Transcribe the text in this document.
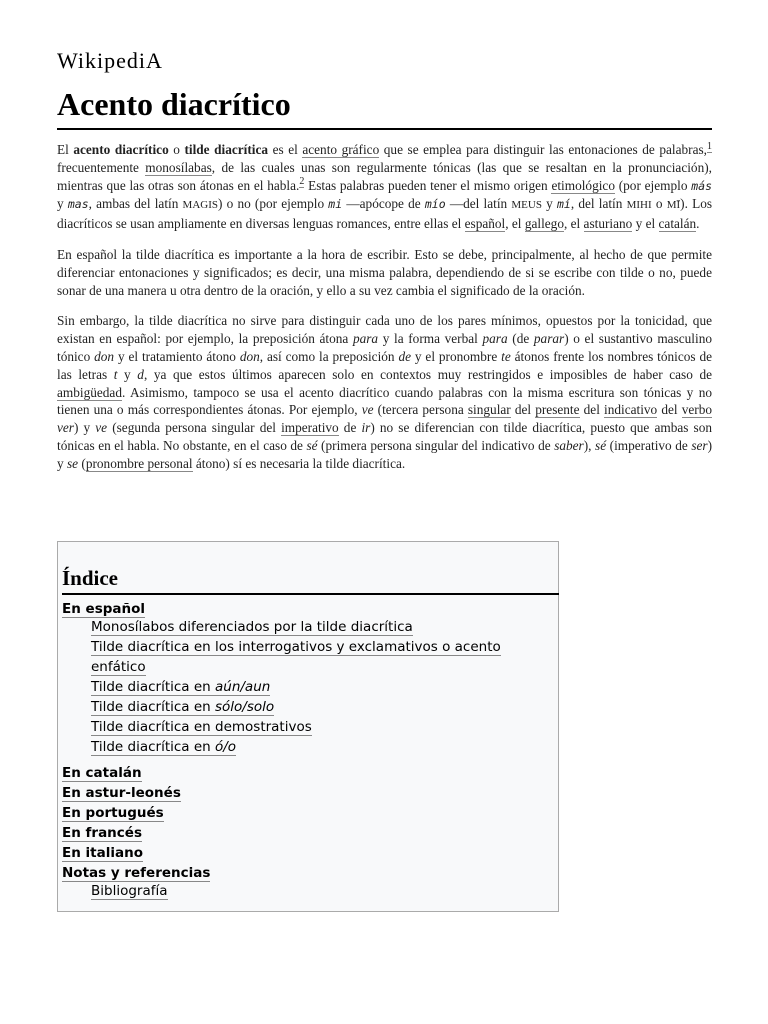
WikipediA
Acento diacrítico

El acento diacrítico o tilde diacrítica es el acento gráfico que se emplea para distinguir las entonaciones de palabras,$^1$ frecuentemente monosílabas, de las cuales unas son regularmente tónicas (las que se resaltan en la pronunciación), mientras que las otras son átonas en el habla.$^2$ Estas palabras pueden tener el mismo origen etimológico (por ejemplo más y mas, ambas del latín MAGIS) o no (por ejemplo mi —apócope de mío —del latín MEUS y mí, del latín MIHI o MĪ). Los diacríticos se usan ampliamente en diversas lenguas romances, entre ellas el español, el gallego, el asturiano y el catalán.

En español la tilde diacrítica es importante a la hora de escribir. Esto se debe, principalmente, al hecho de que permite diferenciar entonaciones y significados; es decir, una misma palabra, dependiendo de si se escribe con tilde o no, puede sonar de una manera u otra dentro de la oración, y ello a su vez cambia el significado de la oración.

Sin embargo, la tilde diacrítica no sirve para distinguir cada uno de los pares mínimos, opuestos por la tonicidad, que existan en español: por ejemplo, la preposición átona para y la forma verbal para (de parar) o el sustantivo masculino tónico don y el tratamiento átono don, así como la preposición de y el pronombre te átonos frente los nombres tónicos de las letras t y d, ya que estos últimos aparecen solo en contextos muy restringidos e imposibles de haber caso de ambigüedad. Asimismo, tampoco se usa el acento diacrítico cuando palabras con la misma escritura son tónicas y no tienen una o más correspondientes átonas. Por ejemplo, ve (tercera persona singular del presente del indicativo del verbo ver) y ve (segunda persona singular del imperativo de ir) no se diferencian con tilde diacrítica, puesto que ambas son tónicas en el habla. No obstante, en el caso de sé (primera persona singular del indicativo de saber), sé (imperativo de ser) y se (pronombre personal átono) sí es necesaria la tilde diacrítica.

Índice
En español
Monosílabos diferenciados por la tilde diacrítica
Tilde diacrítica en los interrogativos y exclamativos o acento enfático
Tilde diacrítica en aún/aun
Tilde diacrítica en sólo/solo
Tilde diacrítica en demostrativos
Tilde diacrítica en ó/o
En catalán
En astur-leonés
En portugués
En francés
En italiano
Notas y referencias
Bibliografía
